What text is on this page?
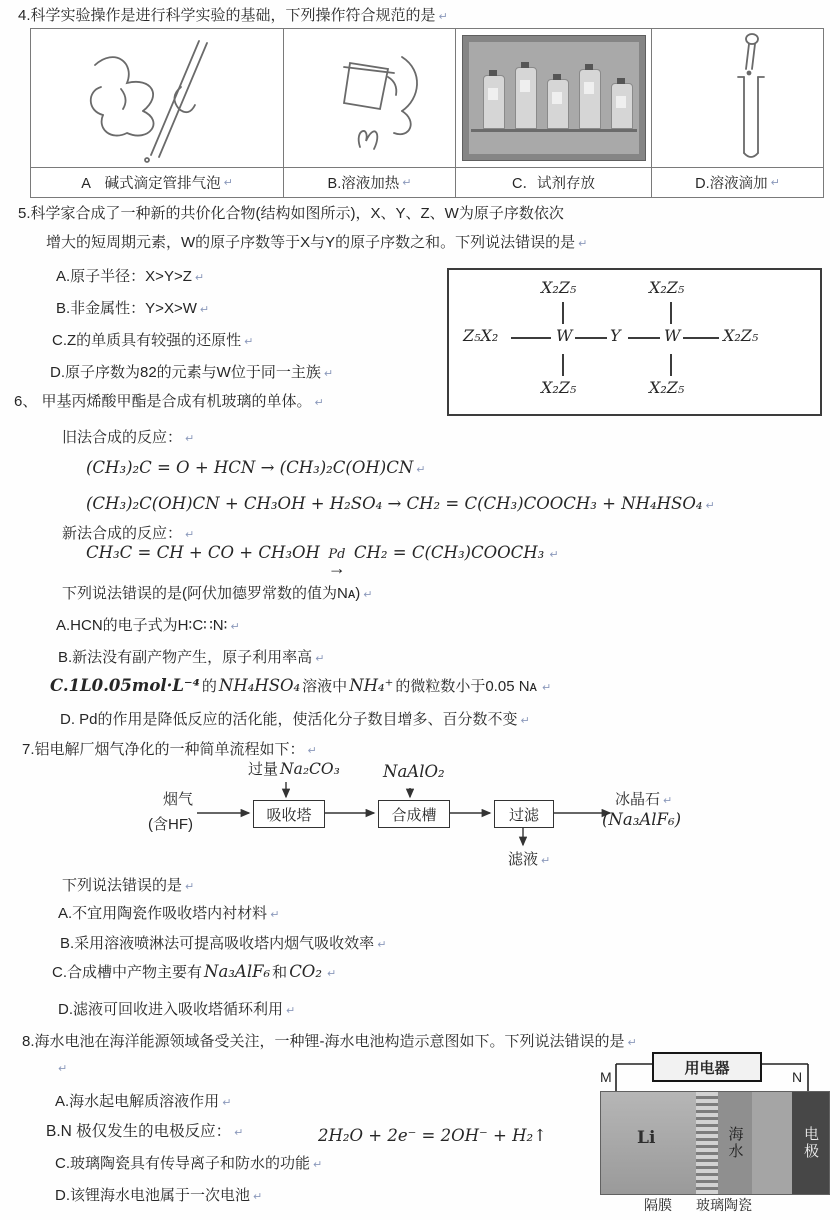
4.科学实验操作是进行科学实验的基础，下列操作符合规范的是 ↵
A　碱式滴定管排气泡 ↵	B.溶液加热 ↵	C．试剂存放	D.溶液滴加 ↵
5.科学家合成了一种新的共价化合物(结构如图所示)，X、Y、Z、W为原子序数依次
增大的短周期元素，W的原子序数等于X与Y的原子序数之和。下列说法错误的是 ↵
A.原子半径：X>Y>Z ↵
B.非金属性：Y>X>W ↵
C.Z的单质具有较强的还原性 ↵
D.原子序数为82的元素与W位于同一主族 ↵
X₂Z₅	X₂Z₅
Z₅X₂	W Y	W	X₂Z₅
X₂Z₅	X₂Z₅
6、 甲基丙烯酸甲酯是合成有机玻璃的单体。 ↵
旧法合成的反应： ↵
(CH₃)₂C = O + HCN → (CH₃)₂C(OH)CN ↵
(CH₃)₂C(OH)CN + CH₃OH + H₂SO₄ → CH₂ = C(CH₃)COOCH₃ + NH₄HSO₄ ↵
新法合成的反应： ↵
CH₃C = CH + CO + CH₃OH Pd
→
CH₂ = C(CH₃)COOCH₃ ↵
下列说法错误的是(阿伏加德罗常数的值为Nᴀ) ↵
A.HCN的电子式为H∶C∷N∶ ↵
B.新法没有副产物产生，原子利用率高 ↵
C.1L0.05mol·L⁻⁴ 的 NH₄HSO₄ 溶液中 NH₄⁺ 的微粒数小于0.05 Nᴀ ↵
D. Pd的作用是降低反应的活化能，使活化分子数目增多、百分数不变 ↵
7.铝电解厂烟气净化的一种简单流程如下： ↵
过量 Na₂CO₃	NaAlO₂
烟气
(含HF)
吸收塔	合成槽	过滤
冰晶石 ↵
(Na₃AlF₆)
滤液 ↵
下列说法错误的是 ↵
A.不宜用陶瓷作吸收塔内衬材料 ↵
B.采用溶液喷淋法可提高吸收塔内烟气吸收效率 ↵
C.合成槽中产物主要有 Na₃AlF₆ 和 CO₂ ↵
D.滤液可回收进入吸收塔循环利用 ↵
8.海水电池在海洋能源领域备受关注，一种锂-海水电池构造示意图如下。下列说法错误的是 ↵
↵
A.海水起电解质溶液作用 ↵
B.N 极仅发生的电极反应： ↵	2H₂O + 2e⁻ = 2OH⁻ + H₂↑
C.玻璃陶瓷具有传导离子和防水的功能 ↵
D.该锂海水电池属于一次电池 ↵
用电器
M	N
Li	海水	电极
隔膜 玻璃陶瓷
